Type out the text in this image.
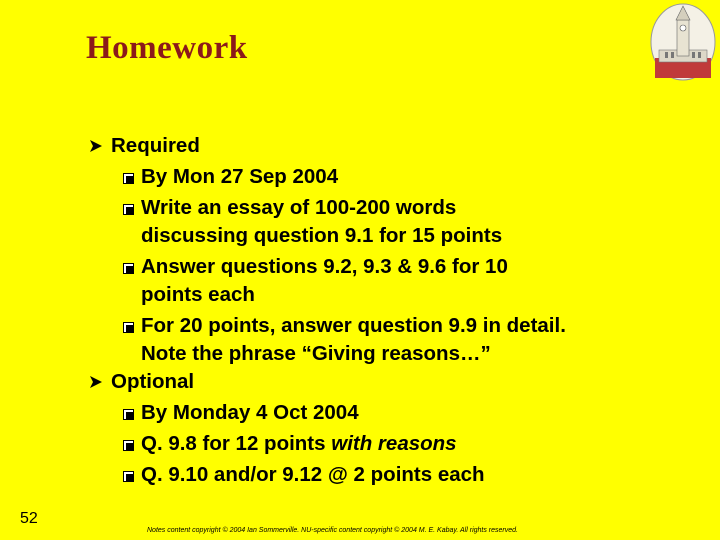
Homework
Required
By Mon 27 Sep 2004
Write an essay of 100-200 words
discussing question 9.1 for 15 points
Answer questions 9.2, 9.3 & 9.6 for 10
points each
For 20 points, answer question 9.9 in detail.
Note the phrase “Giving reasons…”
Optional
By Monday 4 Oct 2004
Q. 9.8 for 12 points with reasons
Q. 9.10 and/or 9.12 @ 2 points each
52
Notes content copyright © 2004 Ian Sommerville. NU-specific content copyright © 2004 M. E. Kabay. All rights reserved.
